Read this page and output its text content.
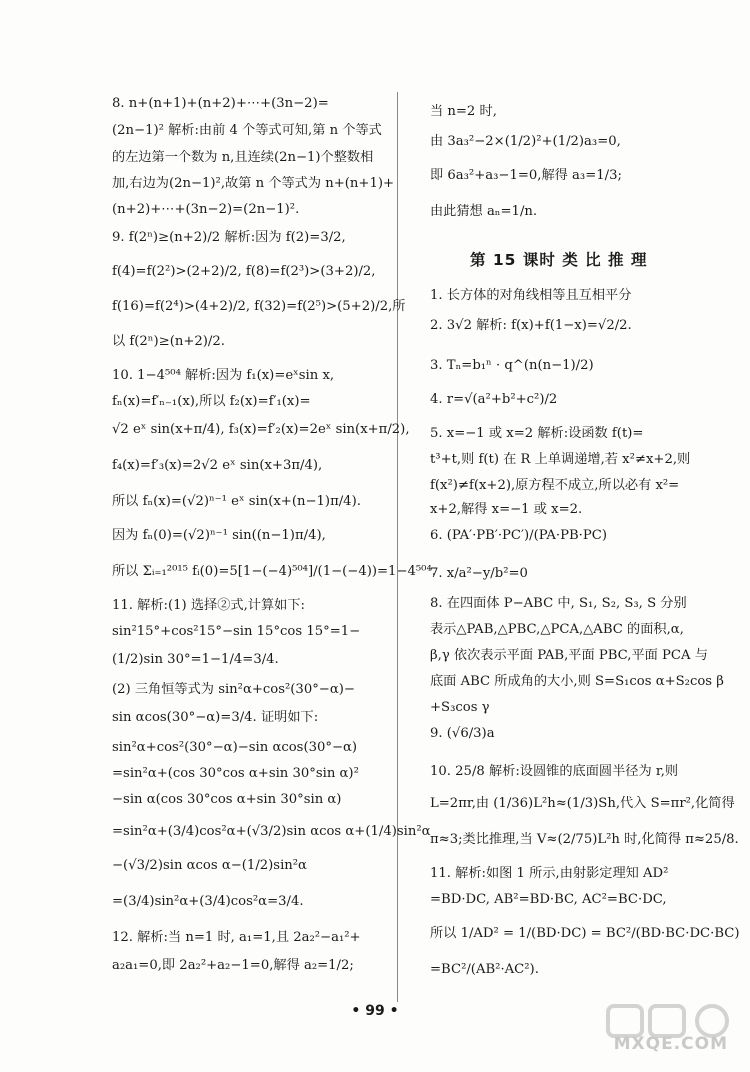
8. n+(n+1)+(n+2)+⋯+(3n−2)=
(2n−1)² 解析:由前 4 个等式可知,第 n 个等式
的左边第一个数为 n,且连续(2n−1)个整数相
加,右边为(2n−1)²,故第 n 个等式为 n+(n+1)+
(n+2)+⋯+(3n−2)=(2n−1)².
9. f(2ⁿ)≥(n+2)/2 解析:因为 f(2)=3/2,
f(4)=f(2²)>(2+2)/2, f(8)=f(2³)>(3+2)/2,
f(16)=f(2⁴)>(4+2)/2, f(32)=f(2⁵)>(5+2)/2,所
以 f(2ⁿ)≥(n+2)/2.
10. 1−4⁵⁰⁴ 解析:因为 f₁(x)=eˣsin x,
fₙ(x)=f′ₙ₋₁(x),所以 f₂(x)=f′₁(x)=
√2 eˣ sin(x+π/4), f₃(x)=f′₂(x)=2eˣ sin(x+π/2),
f₄(x)=f′₃(x)=2√2 eˣ sin(x+3π/4),
所以 fₙ(x)=(√2)ⁿ⁻¹ eˣ sin(x+(n−1)π/4).
因为 fₙ(0)=(√2)ⁿ⁻¹ sin((n−1)π/4),
所以 Σᵢ₌₁²⁰¹⁵ fᵢ(0)=5[1−(−4)⁵⁰⁴]/(1−(−4))=1−4⁵⁰⁴.
11. 解析:(1) 选择②式,计算如下:
sin²15°+cos²15°−sin 15°cos 15°=1−
(1/2)sin 30°=1−1/4=3/4.
(2) 三角恒等式为 sin²α+cos²(30°−α)−
sin αcos(30°−α)=3/4. 证明如下:
sin²α+cos²(30°−α)−sin αcos(30°−α)
=sin²α+(cos 30°cos α+sin 30°sin α)²
−sin α(cos 30°cos α+sin 30°sin α)
=sin²α+(3/4)cos²α+(√3/2)sin αcos α+(1/4)sin²α
−(√3/2)sin αcos α−(1/2)sin²α
=(3/4)sin²α+(3/4)cos²α=3/4.
12. 解析:当 n=1 时, a₁=1,且 2a₂²−a₁²+
a₂a₁=0,即 2a₂²+a₂−1=0,解得 a₂=1/2;
当 n=2 时,
由 3a₃²−2×(1/2)²+(1/2)a₃=0,
即 6a₃²+a₃−1=0,解得 a₃=1/3;
由此猜想 aₙ=1/n.
第 15 课时 类 比 推 理
1. 长方体的对角线相等且互相平分
2. 3√2 解析: f(x)+f(1−x)=√2/2.
3. Tₙ=b₁ⁿ · q^(n(n−1)/2)
4. r=√(a²+b²+c²)/2
5. x=−1 或 x=2 解析:设函数 f(t)=
t³+t,则 f(t) 在 R 上单调递增,若 x²≠x+2,则
f(x²)≠f(x+2),原方程不成立,所以必有 x²=
x+2,解得 x=−1 或 x=2.
6. (PA′·PB′·PC′)/(PA·PB·PC)
7. x/a²−y/b²=0
8. 在四面体 P−ABC 中, S₁, S₂, S₃, S 分别
表示△PAB,△PBC,△PCA,△ABC 的面积,α,
β,γ 依次表示平面 PAB,平面 PBC,平面 PCA 与
底面 ABC 所成角的大小,则 S=S₁cos α+S₂cos β
+S₃cos γ
9. (√6/3)a
10. 25/8 解析:设圆锥的底面圆半径为 r,则
L=2πr,由 (1/36)L²h≈(1/3)Sh,代入 S=πr²,化简得
π≈3;类比推理,当 V≈(2/75)L²h 时,化简得 π≈25/8.
11. 解析:如图 1 所示,由射影定理知 AD²
=BD·DC, AB²=BD·BC, AC²=BC·DC,
所以 1/AD² = 1/(BD·DC) = BC²/(BD·BC·DC·BC)
=BC²/(AB²·AC²).
• 99 •
MXQE.COM
